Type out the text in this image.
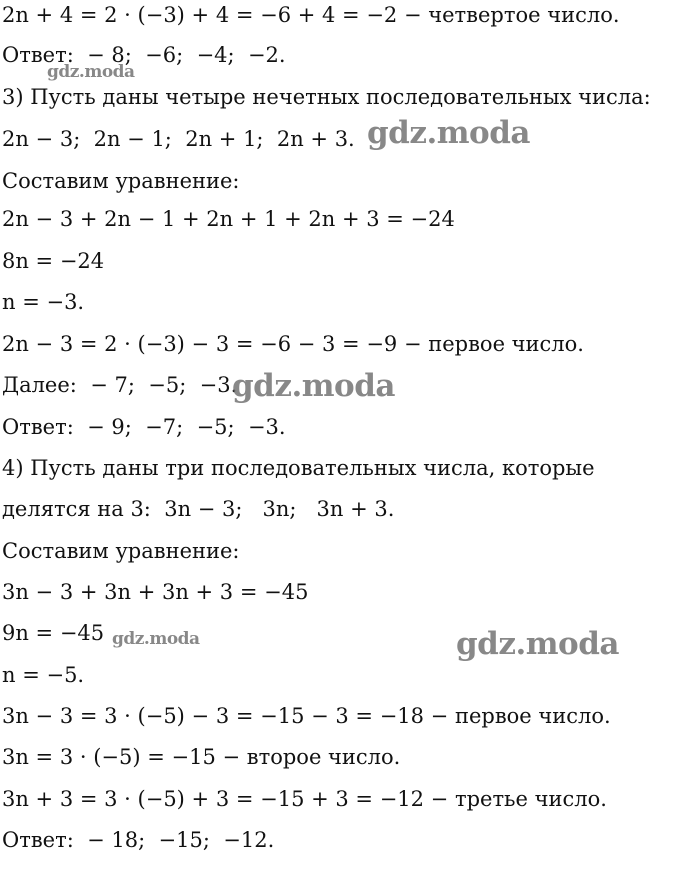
2n + 4 = 2 · (−3) + 4 = −6 + 4 = −2 − четвертое число.
Ответ:  − 8;  −6;  −4;  −2.
3) Пусть даны четыре нечетных последовательных числа:
2n − 3;  2n − 1;  2n + 1;  2n + 3.
Составим уравнение:
2n − 3 + 2n − 1 + 2n + 1 + 2n + 3 = −24
8n = −24
n = −3.
2n − 3 = 2 · (−3) − 3 = −6 − 3 = −9 − первое число.
Далее:  − 7;  −5;  −3.
Ответ:  − 9;  −7;  −5;  −3.
4) Пусть даны три последовательных числа, которые
делятся на 3:  3n − 3;   3n;   3n + 3.
Составим уравнение:
3n − 3 + 3n + 3n + 3 = −45
9n = −45
n = −5.
3n − 3 = 3 · (−5) − 3 = −15 − 3 = −18 − первое число.
3n = 3 · (−5) = −15 − второе число.
3n + 3 = 3 · (−5) + 3 = −15 + 3 = −12 − третье число.
Ответ:  − 18;  −15;  −12.
gdz.moda
gdz.moda
gdz.moda
gdz.moda	gdz.moda
